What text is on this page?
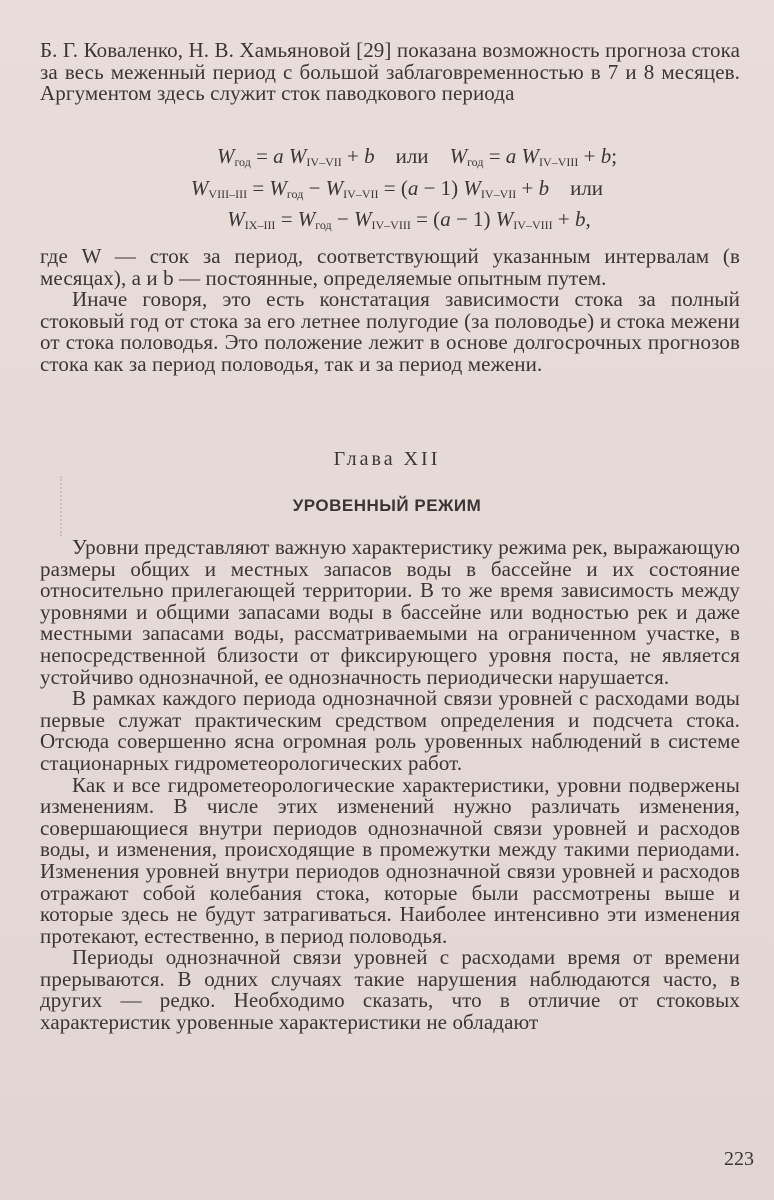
Б. Г. Коваленко, Н. В. Хамьяновой [29] показана возможность прогноза стока за весь меженный период с большой заблаговременностью в 7 и 8 месяцев. Аргументом здесь служит сток паводкового периода

$W_{год} = a$ $W_{IV-VII} + b$    или    $W_{год} = a$ $W_{IV-VIII} + b$;
$W_{VIII-III} = W_{год} - W_{IV-VII} = (a - 1) W_{IV-VII} + b$    или
$W_{IX-III} = W_{год} - W_{IV-VIII} = (a - 1) W_{IV-VIII} + b$,

где W — сток за период, соответствующий указанным интервалам (в месяцах), a и b — постоянные, определяемые опытным путем.

Иначе говоря, это есть констатация зависимости стока за полный стоковый год от стока за его летнее полугодие (за половодье) и стока межени от стока половодья. Это положение лежит в основе долгосрочных прогнозов стока как за период половодья, так и за период межени.

Глава XII
УРОВЕННЫЙ РЕЖИМ

Уровни представляют важную характеристику режима рек, выражающую размеры общих и местных запасов воды в бассейне и их состояние относительно прилегающей территории. В то же время зависимость между уровнями и общими запасами воды в бассейне или водностью рек и даже местными запасами воды, рассматриваемыми на ограниченном участке, в непосредственной близости от фиксирующего уровня поста, не является устойчиво однозначной, ее однозначность периодически нарушается.

В рамках каждого периода однозначной связи уровней с расходами воды первые служат практическим средством определения и подсчета стока. Отсюда совершенно ясна огромная роль уровенных наблюдений в системе стационарных гидрометеорологических работ.

Как и все гидрометеорологические характеристики, уровни подвержены изменениям. В числе этих изменений нужно различать изменения, совершающиеся внутри периодов однозначной связи уровней и расходов воды, и изменения, происходящие в промежутки между такими периодами. Изменения уровней внутри периодов однозначной связи уровней и расходов отражают собой колебания стока, которые были рассмотрены выше и которые здесь не будут затрагиваться. Наиболее интенсивно эти изменения протекают, естественно, в период половодья.

Периоды однозначной связи уровней с расходами время от времени прерываются. В одних случаях такие нарушения наблюдаются часто, в других — редко. Необходимо сказать, что в отличие от стоковых характеристик уровенные характеристики не обладают

223
